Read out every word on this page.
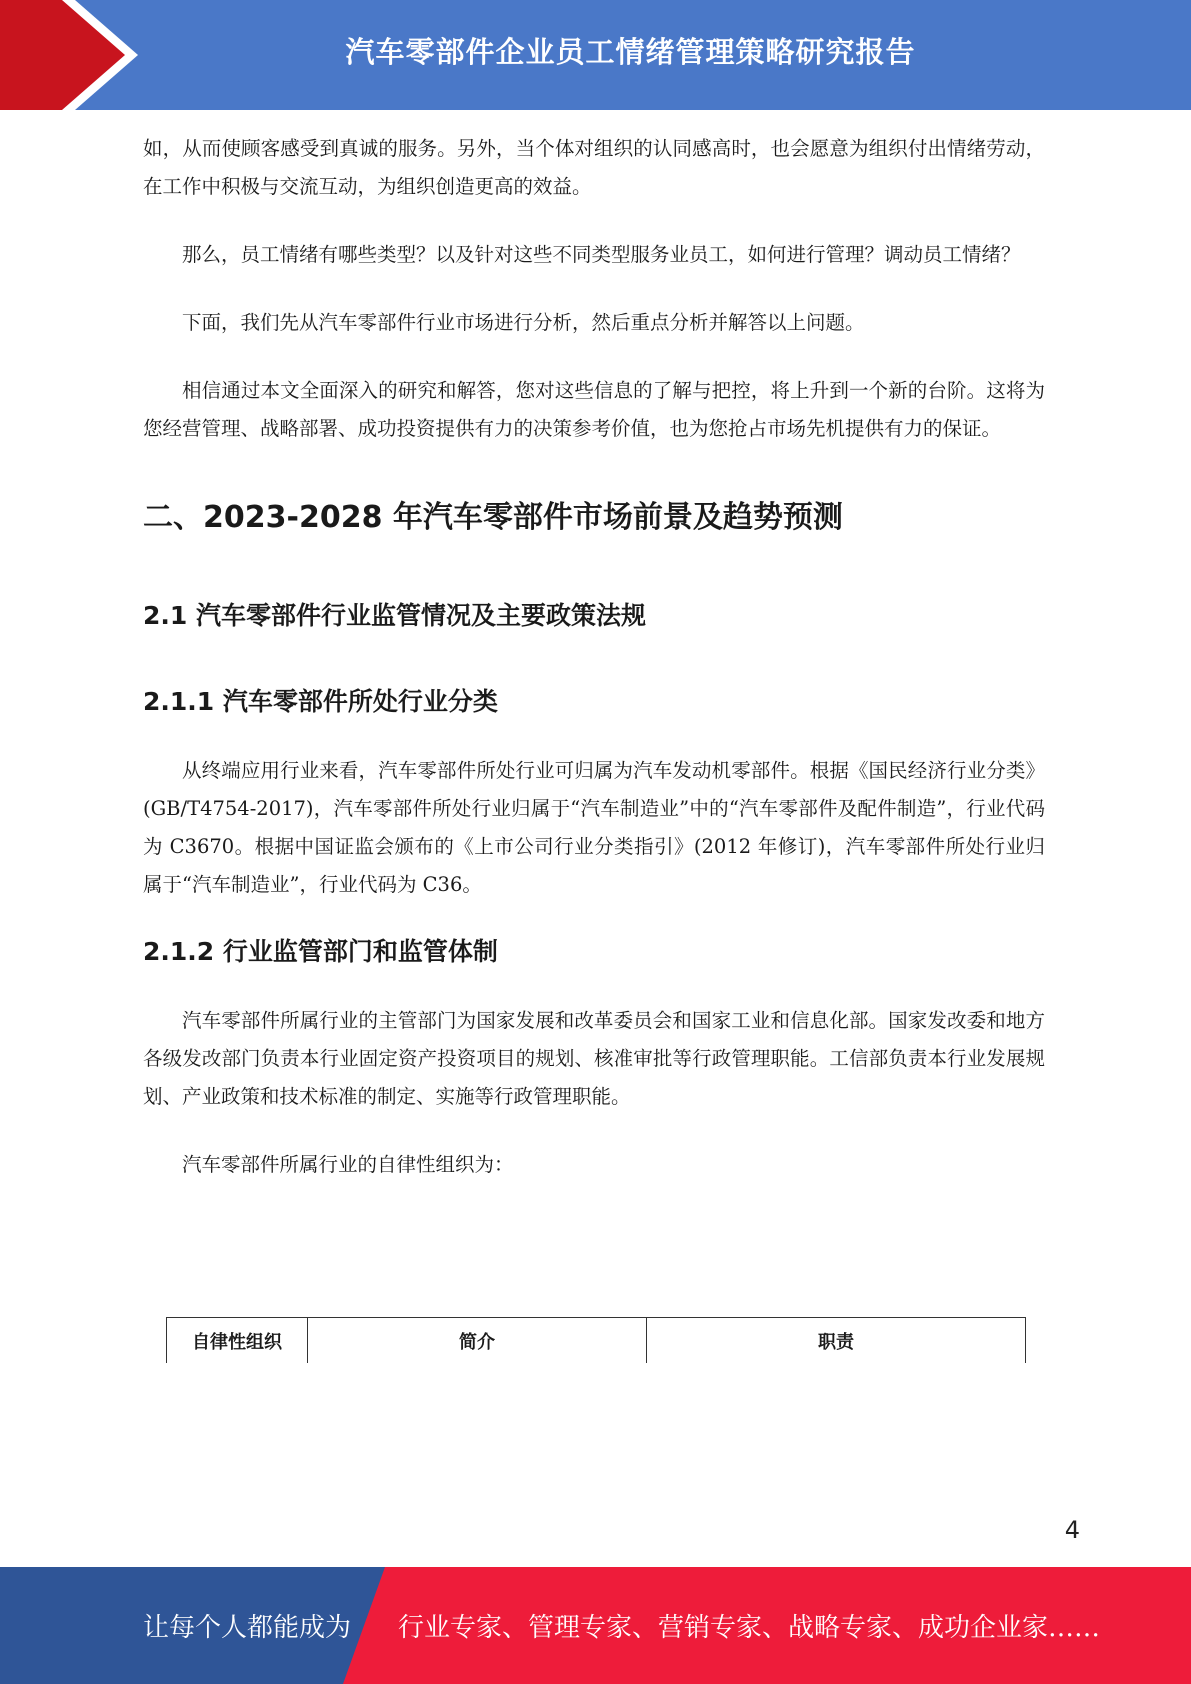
汽车零部件企业员工情绪管理策略研究报告

如，从而使顾客感受到真诚的服务。另外，当个体对组织的认同感高时，也会愿意为组织付出情绪劳动，在工作中积极与交流互动，为组织创造更高的效益。

那么，员工情绪有哪些类型？以及针对这些不同类型服务业员工，如何进行管理？调动员工情绪？

下面，我们先从汽车零部件行业市场进行分析，然后重点分析并解答以上问题。

相信通过本文全面深入的研究和解答，您对这些信息的了解与把控，将上升到一个新的台阶。这将为您经营管理、战略部署、成功投资提供有力的决策参考价值，也为您抢占市场先机提供有力的保证。

二、2023-2028 年汽车零部件市场前景及趋势预测
2.1 汽车零部件行业监管情况及主要政策法规
2.1.1 汽车零部件所处行业分类

从终端应用行业来看，汽车零部件所处行业可归属为汽车发动机零部件。根据《国民经济行业分类》(GB/T4754-2017)，汽车零部件所处行业归属于“汽车制造业”中的“汽车零部件及配件制造”，行业代码为 C3670。根据中国证监会颁布的《上市公司行业分类指引》(2012 年修订)，汽车零部件所处行业归属于“汽车制造业”，行业代码为 C36。

2.1.2 行业监管部门和监管体制

汽车零部件所属行业的主管部门为国家发展和改革委员会和国家工业和信息化部。国家发改委和地方各级发改部门负责本行业固定资产投资项目的规划、核准审批等行政管理职能。工信部负责本行业发展规划、产业政策和技术标准的制定、实施等行政管理职能。

汽车零部件所属行业的自律性组织为：

自律性组织	简介	职责
4
让每个人都能成为 行业专家、管理专家、营销专家、战略专家、成功企业家……
